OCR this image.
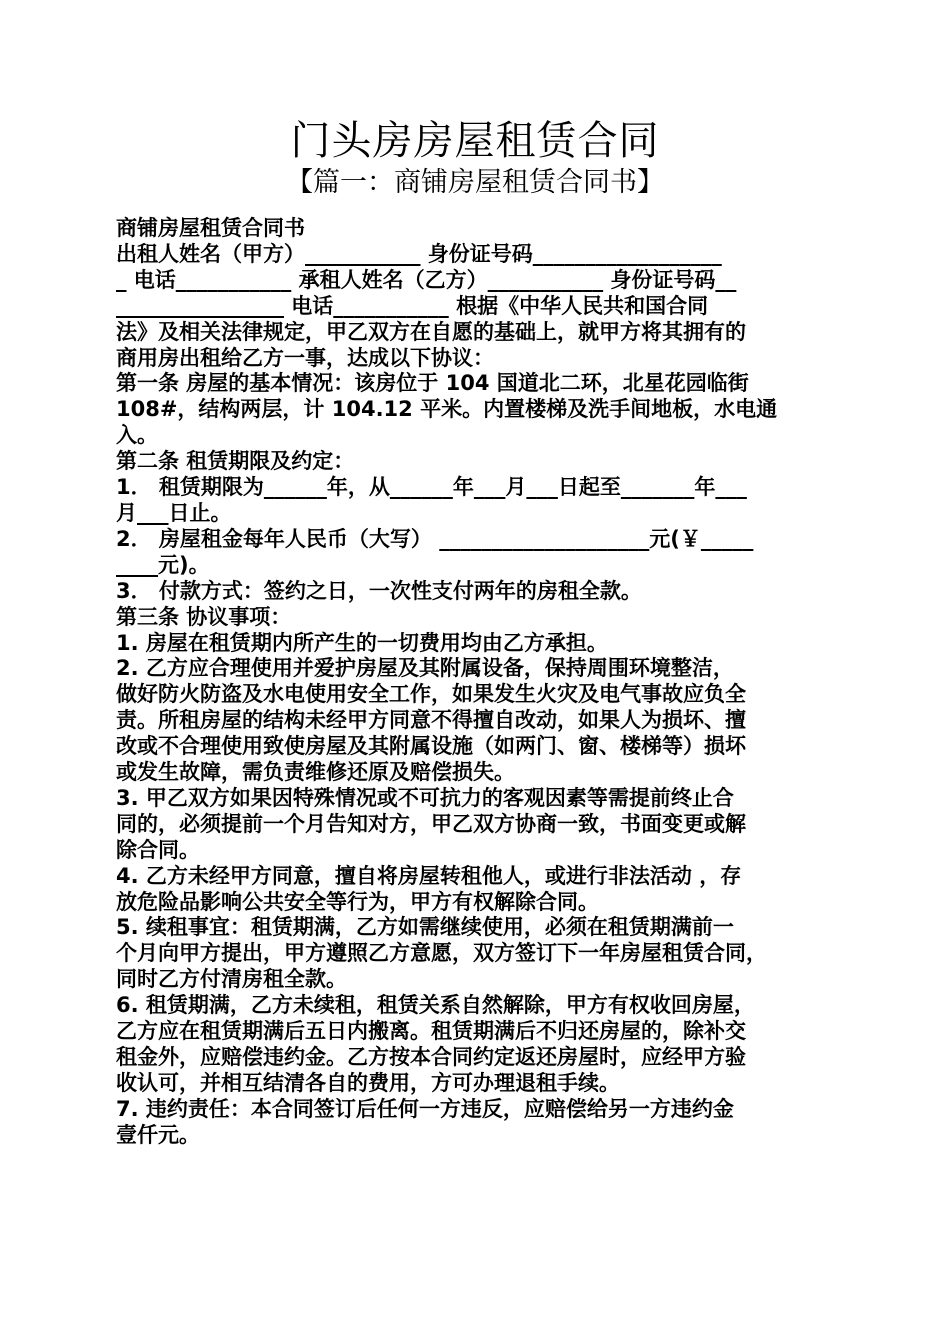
门头房房屋租赁合同
【篇一：商铺房屋租赁合同书】
商铺房屋租赁合同书
出租人姓名（甲方）___________ 身份证号码__________________
_ 电话___________ 承租人姓名（乙方）___________ 身份证号码__
________________ 电话___________ 根据《中华人民共和国合同
法》及相关法律规定，甲乙双方在自愿的基础上，就甲方将其拥有的
商用房出租给乙方一事，达成以下协议：
第一条 房屋的基本情况：该房位于 104 国道北二环，北星花园临街
108#，结构两层，计 104.12 平米。内置楼梯及洗手间地板，水电通
入。
第二条 租赁期限及约定：
1． 租赁期限为______年，从______年___月___日起至_______年___
月___日止。
2． 房屋租金每年人民币（大写） ____________________元(￥_____
____元)。
3． 付款方式：签约之日，一次性支付两年的房租全款。
第三条 协议事项：
1. 房屋在租赁期内所产生的一切费用均由乙方承担。
2. 乙方应合理使用并爱护房屋及其附属设备，保持周围环境整洁，
做好防火防盗及水电使用安全工作，如果发生火灾及电气事故应负全
责。所租房屋的结构未经甲方同意不得擅自改动，如果人为损坏、擅
改或不合理使用致使房屋及其附属设施（如两门、窗、楼梯等）损坏
或发生故障，需负责维修还原及赔偿损失。
3. 甲乙双方如果因特殊情况或不可抗力的客观因素等需提前终止合
同的，必须提前一个月告知对方，甲乙双方协商一致，书面变更或解
除合同。
4. 乙方未经甲方同意，擅自将房屋转租他人，或进行非法活动 ，存
放危险品影响公共安全等行为，甲方有权解除合同。
5. 续租事宜：租赁期满，乙方如需继续使用，必须在租赁期满前一
个月向甲方提出，甲方遵照乙方意愿，双方签订下一年房屋租赁合同，
同时乙方付清房租全款。
6. 租赁期满，乙方未续租，租赁关系自然解除，甲方有权收回房屋，
乙方应在租赁期满后五日内搬离。租赁期满后不归还房屋的，除补交
租金外，应赔偿违约金。乙方按本合同约定返还房屋时，应经甲方验
收认可，并相互结清各自的费用，方可办理退租手续。
7. 违约责任：本合同签订后任何一方违反，应赔偿给另一方违约金
壹仟元。
